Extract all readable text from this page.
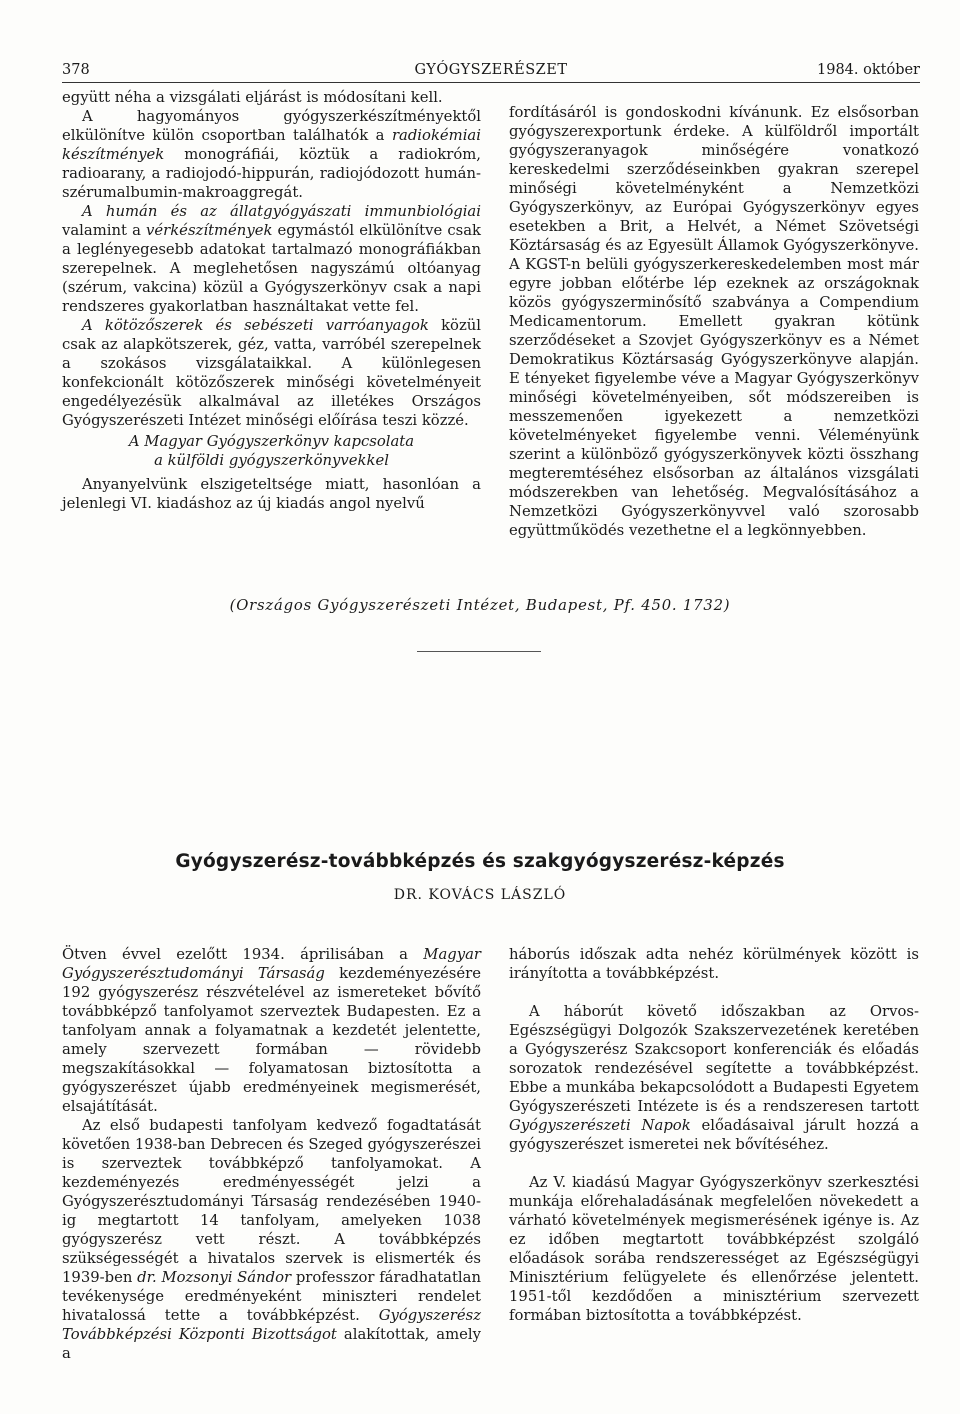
GYÓGYSZERÉSZET
378	1984. október

együtt néha a vizsgálati eljárást is módosítani kell.

A hagyományos gyógyszerkészítményektől elkülönítve külön csoportban találhatók a radiokémiai készítmények monográfiái, köztük a radiokróm, radioarany, a radiojodó-hippurán, radiojódozott humán-szérumalbumin-makroaggregát.

A humán és az állatgyógyászati immunbiológiai valamint a vérkészítmények egymástól elkülönítve csak a leglényegesebb adatokat tartalmazó monográfiákban szerepelnek. A meglehetősen nagyszámú oltóanyag (szérum, vakcina) közül a Gyógyszerkönyv csak a napi rendszeres gyakorlatban használtakat vette fel.

A kötözőszerek és sebészeti varróanyagok közül csak az alapkötszerek, géz, vatta, varróbél szerepelnek a szokásos vizsgálataikkal. A különlegesen konfekcionált kötözőszerek minőségi követelményeit engedélyezésük alkalmával az illetékes Országos Gyógyszerészeti Intézet minőségi előírása teszi közzé.

A Magyar Gyógyszerkönyv kapcsolata
a külföldi gyógyszerkönyvekkel

Anyanyelvünk elszigeteltsége miatt, hasonlóan a jelenlegi VI. kiadáshoz az új kiadás angol nyelvű

fordításáról is gondoskodni kívánunk. Ez elsősorban gyógyszerexportunk érdeke. A külföldről importált gyógyszeranyagok minőségére vonatkozó kereskedelmi szerződéseinkben gyakran szerepel minőségi követelményként a Nemzetközi Gyógyszerkönyv, az Európai Gyógyszerkönyv egyes esetekben a Brit, a Helvét, a Német Szövetségi Köztársaság és az Egyesült Államok Gyógyszerkönyve. A KGST-n belüli gyógyszerkereskedelemben most már egyre jobban előtérbe lép ezeknek az országoknak közös gyógyszerminősítő szabványa a Compendium Medicamentorum. Emellett gyakran kötünk szerződéseket a Szovjet Gyógyszerkönyv es a Német Demokratikus Köztársaság Gyógyszerkönyve alapján. E tényeket figyelembe véve a Magyar Gyógyszerkönyv minőségi követelményeiben, sőt módszereiben is messzemenően igyekezett a nemzetközi követelményeket figyelembe venni. Véleményünk szerint a különböző gyógyszerkönyvek közti összhang megteremtéséhez elsősorban az általános vizsgálati módszerekben van lehetőség. Megvalósításához a Nemzetközi Gyógyszerkönyvvel való szorosabb együttműködés vezethetne el a legkönnyebben.

(Országos Gyógyszerészeti Intézet, Budapest, Pf. 450. 1732)
Gyógyszerész-továbbképzés és szakgyógyszerész-képzés
DR. KOVÁCS LÁSZLÓ

Ötven évvel ezelőtt 1934. áprilisában a Magyar Gyógyszerésztudományi Társaság kezdeményezésére 192 gyógyszerész részvételével az ismereteket bővítő továbbképző tanfolyamot szerveztek Budapesten. Ez a tanfolyam annak a folyamatnak a kezdetét jelentette, amely szervezett formában — rövidebb megszakításokkal — folyamatosan biztosította a gyógyszerészet újabb eredményeinek megismerését, elsajátítását.

Az első budapesti tanfolyam kedvező fogadtatását követően 1938-ban Debrecen és Szeged gyógyszerészei is szerveztek továbbképző tanfolyamokat. A kezdeményezés eredményességét jelzi a Gyógyszerésztudományi Társaság rendezésében 1940-ig megtartott 14 tanfolyam, amelyeken 1038 gyógyszerész vett részt. A továbbképzés szükségességét a hivatalos szervek is elismerték és 1939-ben dr. Mozsonyi Sándor professzor fáradhatatlan tevékenysége eredményeként miniszteri rendelet hivatalossá tette a továbbképzést. Gyógyszerész Továbbképzési Központi Bizottságot alakítottak, amely a

háborús időszak adta nehéz körülmények között is irányította a továbbképzést.

A háborút követő időszakban az Orvos-Egészségügyi Dolgozók Szakszervezetének keretében a Gyógyszerész Szakcsoport konferenciák és előadás sorozatok rendezésével segítette a továbbképzést. Ebbe a munkába bekapcsolódott a Budapesti Egyetem Gyógyszerészeti Intézete is és a rendszeresen tartott Gyógyszerészeti Napok előadásaival járult hozzá a gyógyszerészet ismeretei nek bővítéséhez.

Az V. kiadású Magyar Gyógyszerkönyv szerkesztési munkája előrehaladásának megfelelően növekedett a várható követelmények megismerésének igénye is. Az ez időben megtartott továbbképzést szolgáló előadások sorába rendszerességet az Egészségügyi Minisztérium felügyelete és ellenőrzése jelentett. 1951-től kezdődően a minisztérium szervezett formában biztosította a továbbképzést.
